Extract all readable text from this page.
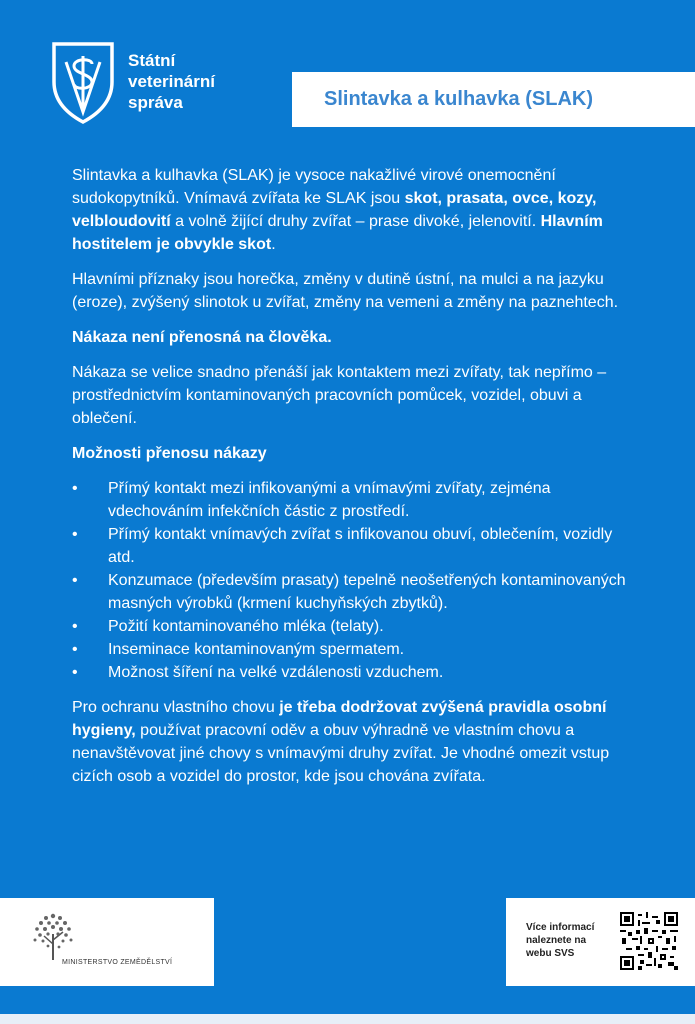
Státní
veterinární
správa	Slintavka a kulhavka (SLAK)

Slintavka a kulhavka (SLAK) je vysoce nakažlivé virové onemocnění sudokopytníků. Vnímavá zvířata ke SLAK jsou skot, prasata, ovce, kozy, velbloudovití a volně žijící druhy zvířat – prase divoké, jelenovití. Hlavním hostitelem je obvykle skot.

Hlavními příznaky jsou horečka, změny v dutině ústní, na mulci a na jazyku (eroze), zvýšený slinotok u zvířat, změny na vemeni a změny na paznehtech.

Nákaza není přenosná na člověka.

Nákaza se velice snadno přenáší jak kontaktem mezi zvířaty, tak nepřímo – prostřednictvím kontaminovaných pracovních pomůcek, vozidel, obuvi a oblečení.

Možnosti přenosu nákazy
• Přímý kontakt mezi infikovanými a vnímavými zvířaty, zejména vdechováním infekčních částic z prostředí.
• Přímý kontakt vnímavých zvířat s infikovanou obuví, oblečením, vozidly atd.
• Konzumace (především prasaty) tepelně neošetřených kontaminovaných masných výrobků (krmení kuchyňských zbytků).
• Požití kontaminovaného mléka (telaty).
• Inseminace kontaminovaným spermatem.
• Možnost šíření na velké vzdálenosti vzduchem.

Pro ochranu vlastního chovu je třeba dodržovat zvýšená pravidla osobní hygieny, používat pracovní oděv a obuv výhradně ve vlastním chovu a nenavštěvovat jiné chovy s vnímavými druhy zvířat. Je vhodné omezit vstup cizích osob a vozidel do prostor, kde jsou chována zvířata.

MINISTERSTVO ZEMĚDĚLSTVÍ
Více informací naleznete na webu SVS
